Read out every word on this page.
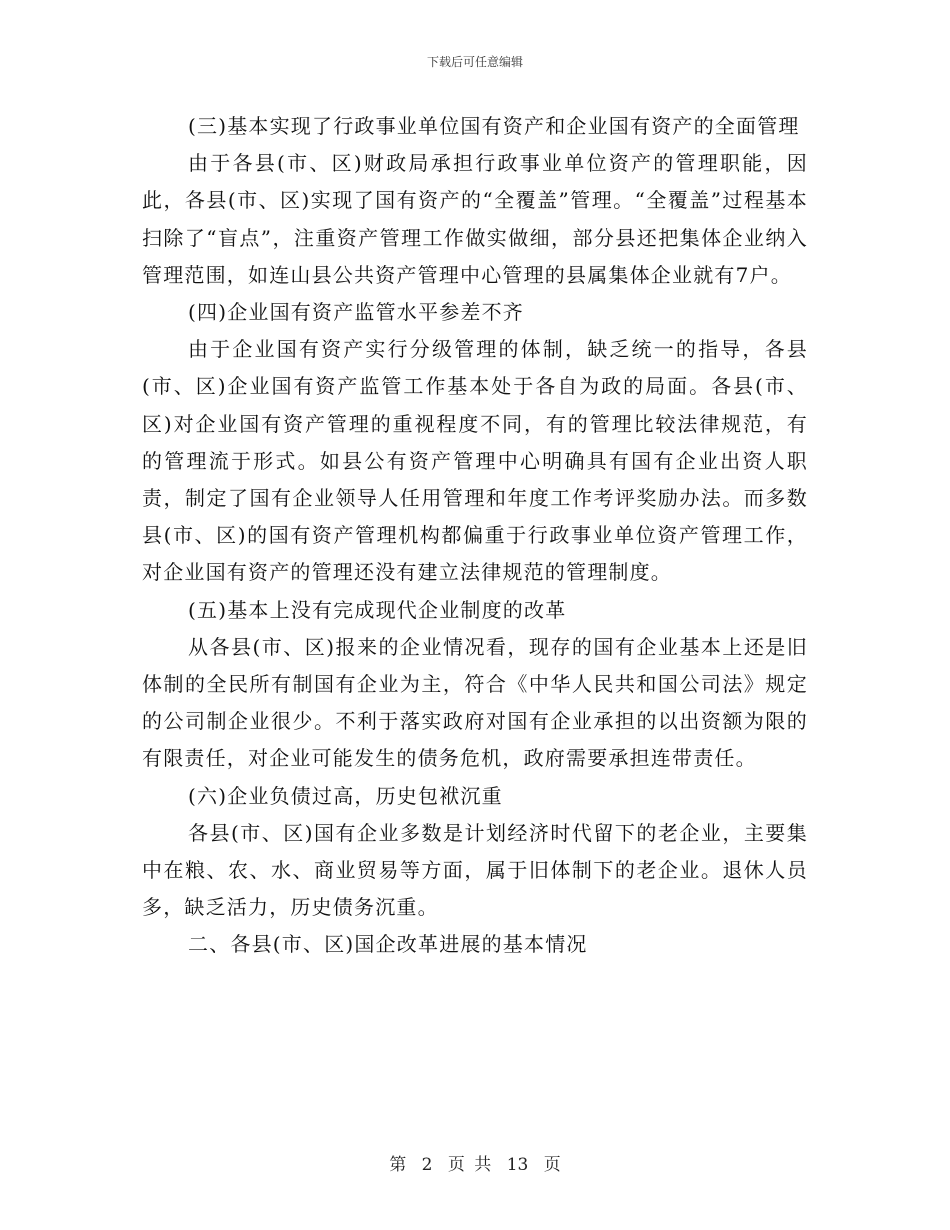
下载后可任意编辑

(三)基本实现了行政事业单位国有资产和企业国有资产的全面管理

由于各县(市、区)财政局承担行政事业单位资产的管理职能，因此，各县(市、区)实现了国有资产的“全覆盖”管理。“全覆盖”过程基本扫除了“盲点”，注重资产管理工作做实做细，部分县还把集体企业纳入管理范围，如连山县公共资产管理中心管理的县属集体企业就有7户。

(四)企业国有资产监管水平参差不齐

由于企业国有资产实行分级管理的体制，缺乏统一的指导，各县(市、区)企业国有资产监管工作基本处于各自为政的局面。各县(市、区)对企业国有资产管理的重视程度不同，有的管理比较法律规范，有的管理流于形式。如县公有资产管理中心明确具有国有企业出资人职责，制定了国有企业领导人任用管理和年度工作考评奖励办法。而多数县(市、区)的国有资产管理机构都偏重于行政事业单位资产管理工作，对企业国有资产的管理还没有建立法律规范的管理制度。

(五)基本上没有完成现代企业制度的改革

从各县(市、区)报来的企业情况看，现存的国有企业基本上还是旧体制的全民所有制国有企业为主，符合《中华人民共和国公司法》规定的公司制企业很少。不利于落实政府对国有企业承担的以出资额为限的有限责任，对企业可能发生的债务危机，政府需要承担连带责任。

(六)企业负债过高，历史包袱沉重

各县(市、区)国有企业多数是计划经济时代留下的老企业，主要集中在粮、农、水、商业贸易等方面，属于旧体制下的老企业。退休人员多，缺乏活力，历史债务沉重。

二、各县(市、区)国企改革进展的基本情况

第 2 页 共 13 页
